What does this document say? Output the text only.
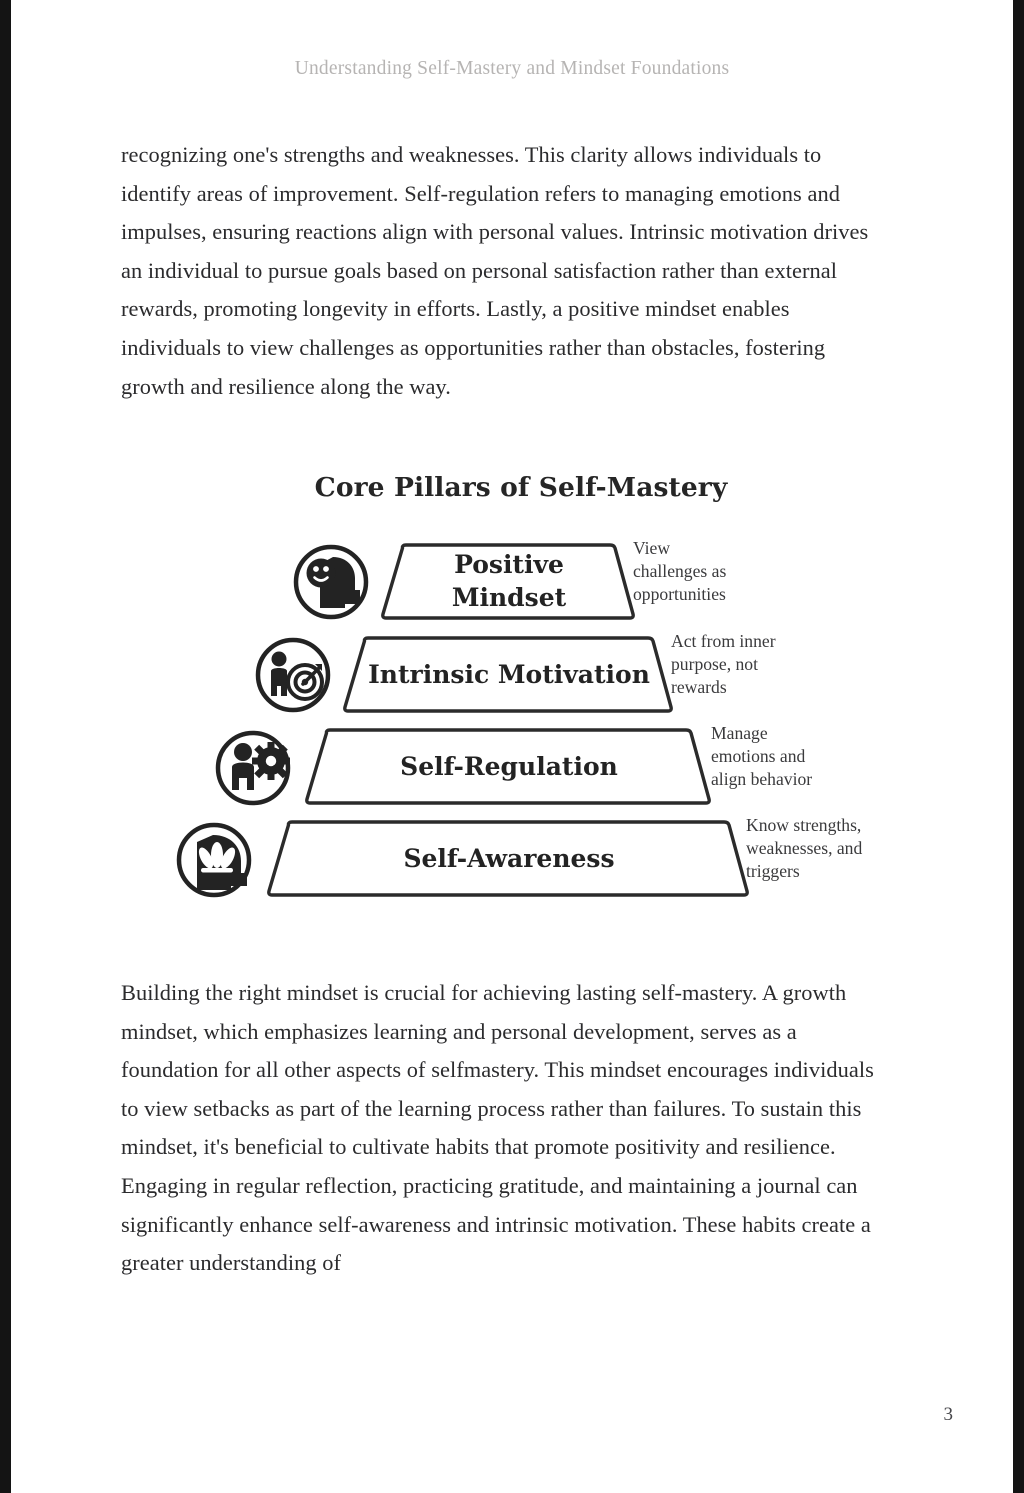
Understanding Self-Mastery and Mindset Foundations

recognizing one's strengths and weaknesses. This clarity allows individuals to identify areas of improvement. Self-regulation refers to managing emotions and impulses, ensuring reactions align with personal values. Intrinsic motivation drives an individual to pursue goals based on personal satisfaction rather than external rewards, promoting longevity in efforts. Lastly, a positive mindset enables individuals to view challenges as opportunities rather than obstacles, fostering growth and resilience along the way.

Core Pillars of Self-Mastery
Positive
Mindset
View
challenges as
opportunities
Intrinsic Motivation
Act from inner
purpose, not
rewards
Self-Regulation
Manage
emotions and
align behavior
Self-Awareness
Know strengths,
weaknesses, and
triggers

Building the right mindset is crucial for achieving lasting self-mastery. A growth mindset, which emphasizes learning and personal development, serves as a foundation for all other aspects of selfmastery. This mindset encourages individuals to view setbacks as part of the learning process rather than failures. To sustain this mindset, it's beneficial to cultivate habits that promote positivity and resilience. Engaging in regular reflection, practicing gratitude, and maintaining a journal can significantly enhance self-awareness and intrinsic motivation. These habits create a greater understanding of

3
